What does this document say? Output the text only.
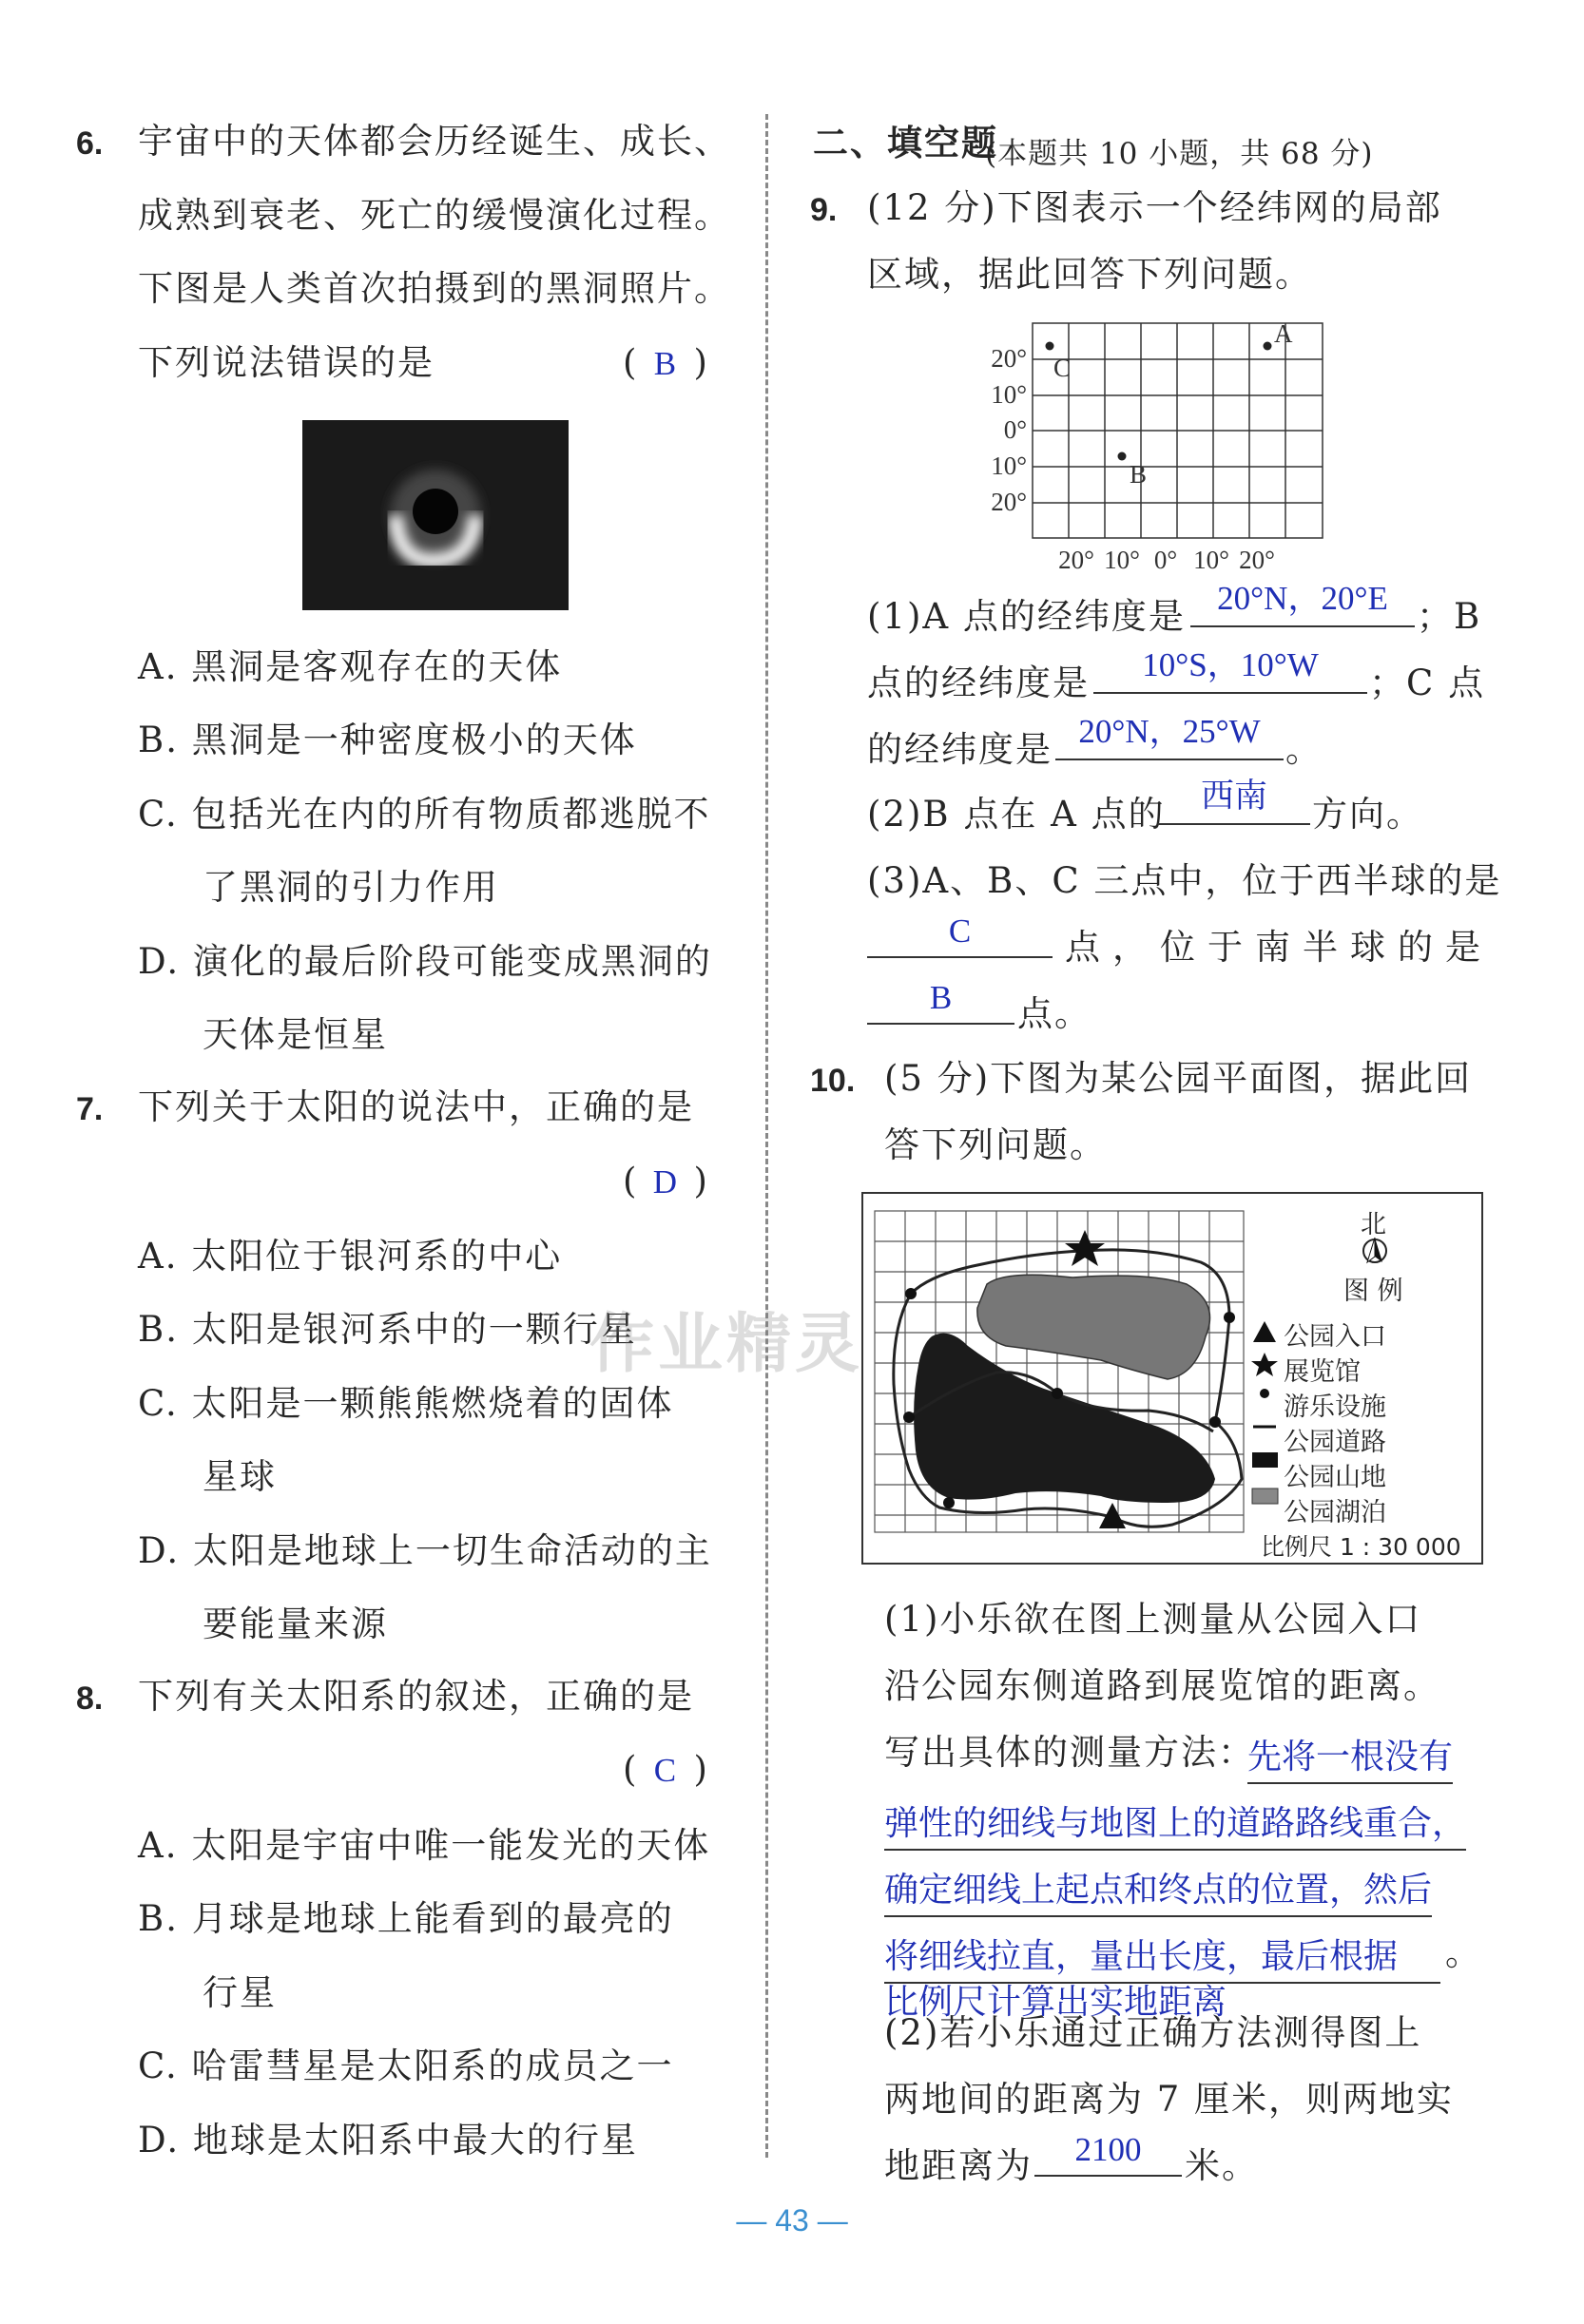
6. 宇宙中的天体都会历经诞生、成长、
成熟到衰老、死亡的缓慢演化过程。
下图是人类首次拍摄到的黑洞照片。
下列说法错误的是	( B )
A. 黑洞是客观存在的天体
B. 黑洞是一种密度极小的天体
C. 包括光在内的所有物质都逃脱不
了黑洞的引力作用
D. 演化的最后阶段可能变成黑洞的
天体是恒星
7. 下列关于太阳的说法中，正确的是
( D )
A. 太阳位于银河系的中心
B. 太阳是银河系中的一颗行星
C. 太阳是一颗熊熊燃烧着的固体
星球
D. 太阳是地球上一切生命活动的主
要能量来源
8. 下列有关太阳系的叙述，正确的是
( C )
A. 太阳是宇宙中唯一能发光的天体
B. 月球是地球上能看到的最亮的
行星
C. 哈雷彗星是太阳系的成员之一
D. 地球是太阳系中最大的行星
二、填空题
(本题共 10 小题，共 68 分)
9. (12 分)下图表示一个经纬网的局部
区域，据此回答下列问题。
20°
10°
0°
10°
20°
20° 10° 0° 10° 20°
A
B
C
(1)A 点的经纬度是 20°N，20°E ；B
点的经纬度是	10°S，10°W	；C 点
的经纬度是 20°N，25°W 。
(2)B 点在 A 点的	西南	方向。
(3)A、B、C 三点中，位于西半球的是
C	点，位于南半球的是
B	点。
10. (5 分)下图为某公园平面图，据此回
答下列问题。
北
图 例
公园入口
展览馆
游乐设施
公园道路
公园山地
公园湖泊
比例尺 1 : 30 000
(1)小乐欲在图上测量从公园入口
沿公园东侧道路到展览馆的距离。
写出具体的测量方法：
先将一根没有
弹性的细线与地图上的道路路线重合，
确定细线上起点和终点的位置，然后
将细线拉直，量出长度，最后根据	。
比例尺计算出实地距离
(2)若小乐通过正确方法测得图上
两地间的距离为 7 厘米，则两地实
地距离为	2100	米。
作业精灵
— 43 —
